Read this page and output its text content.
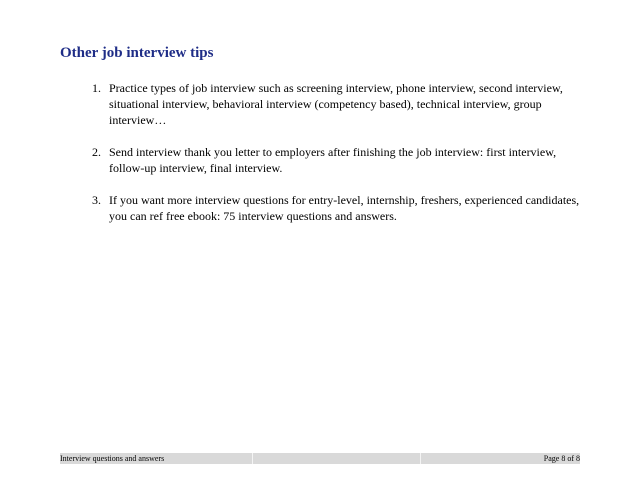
Other job interview tips
1. Practice types of job interview such as screening interview, phone interview, second interview, situational interview, behavioral interview (competency based), technical interview, group interview…
2. Send interview thank you letter to employers after finishing the job interview: first interview, follow-up interview, final interview.
3. If you want more interview questions for entry-level, internship, freshers, experienced candidates, you can ref free ebook: 75 interview questions and answers.
Interview questions and answers	Page 8 of 8
